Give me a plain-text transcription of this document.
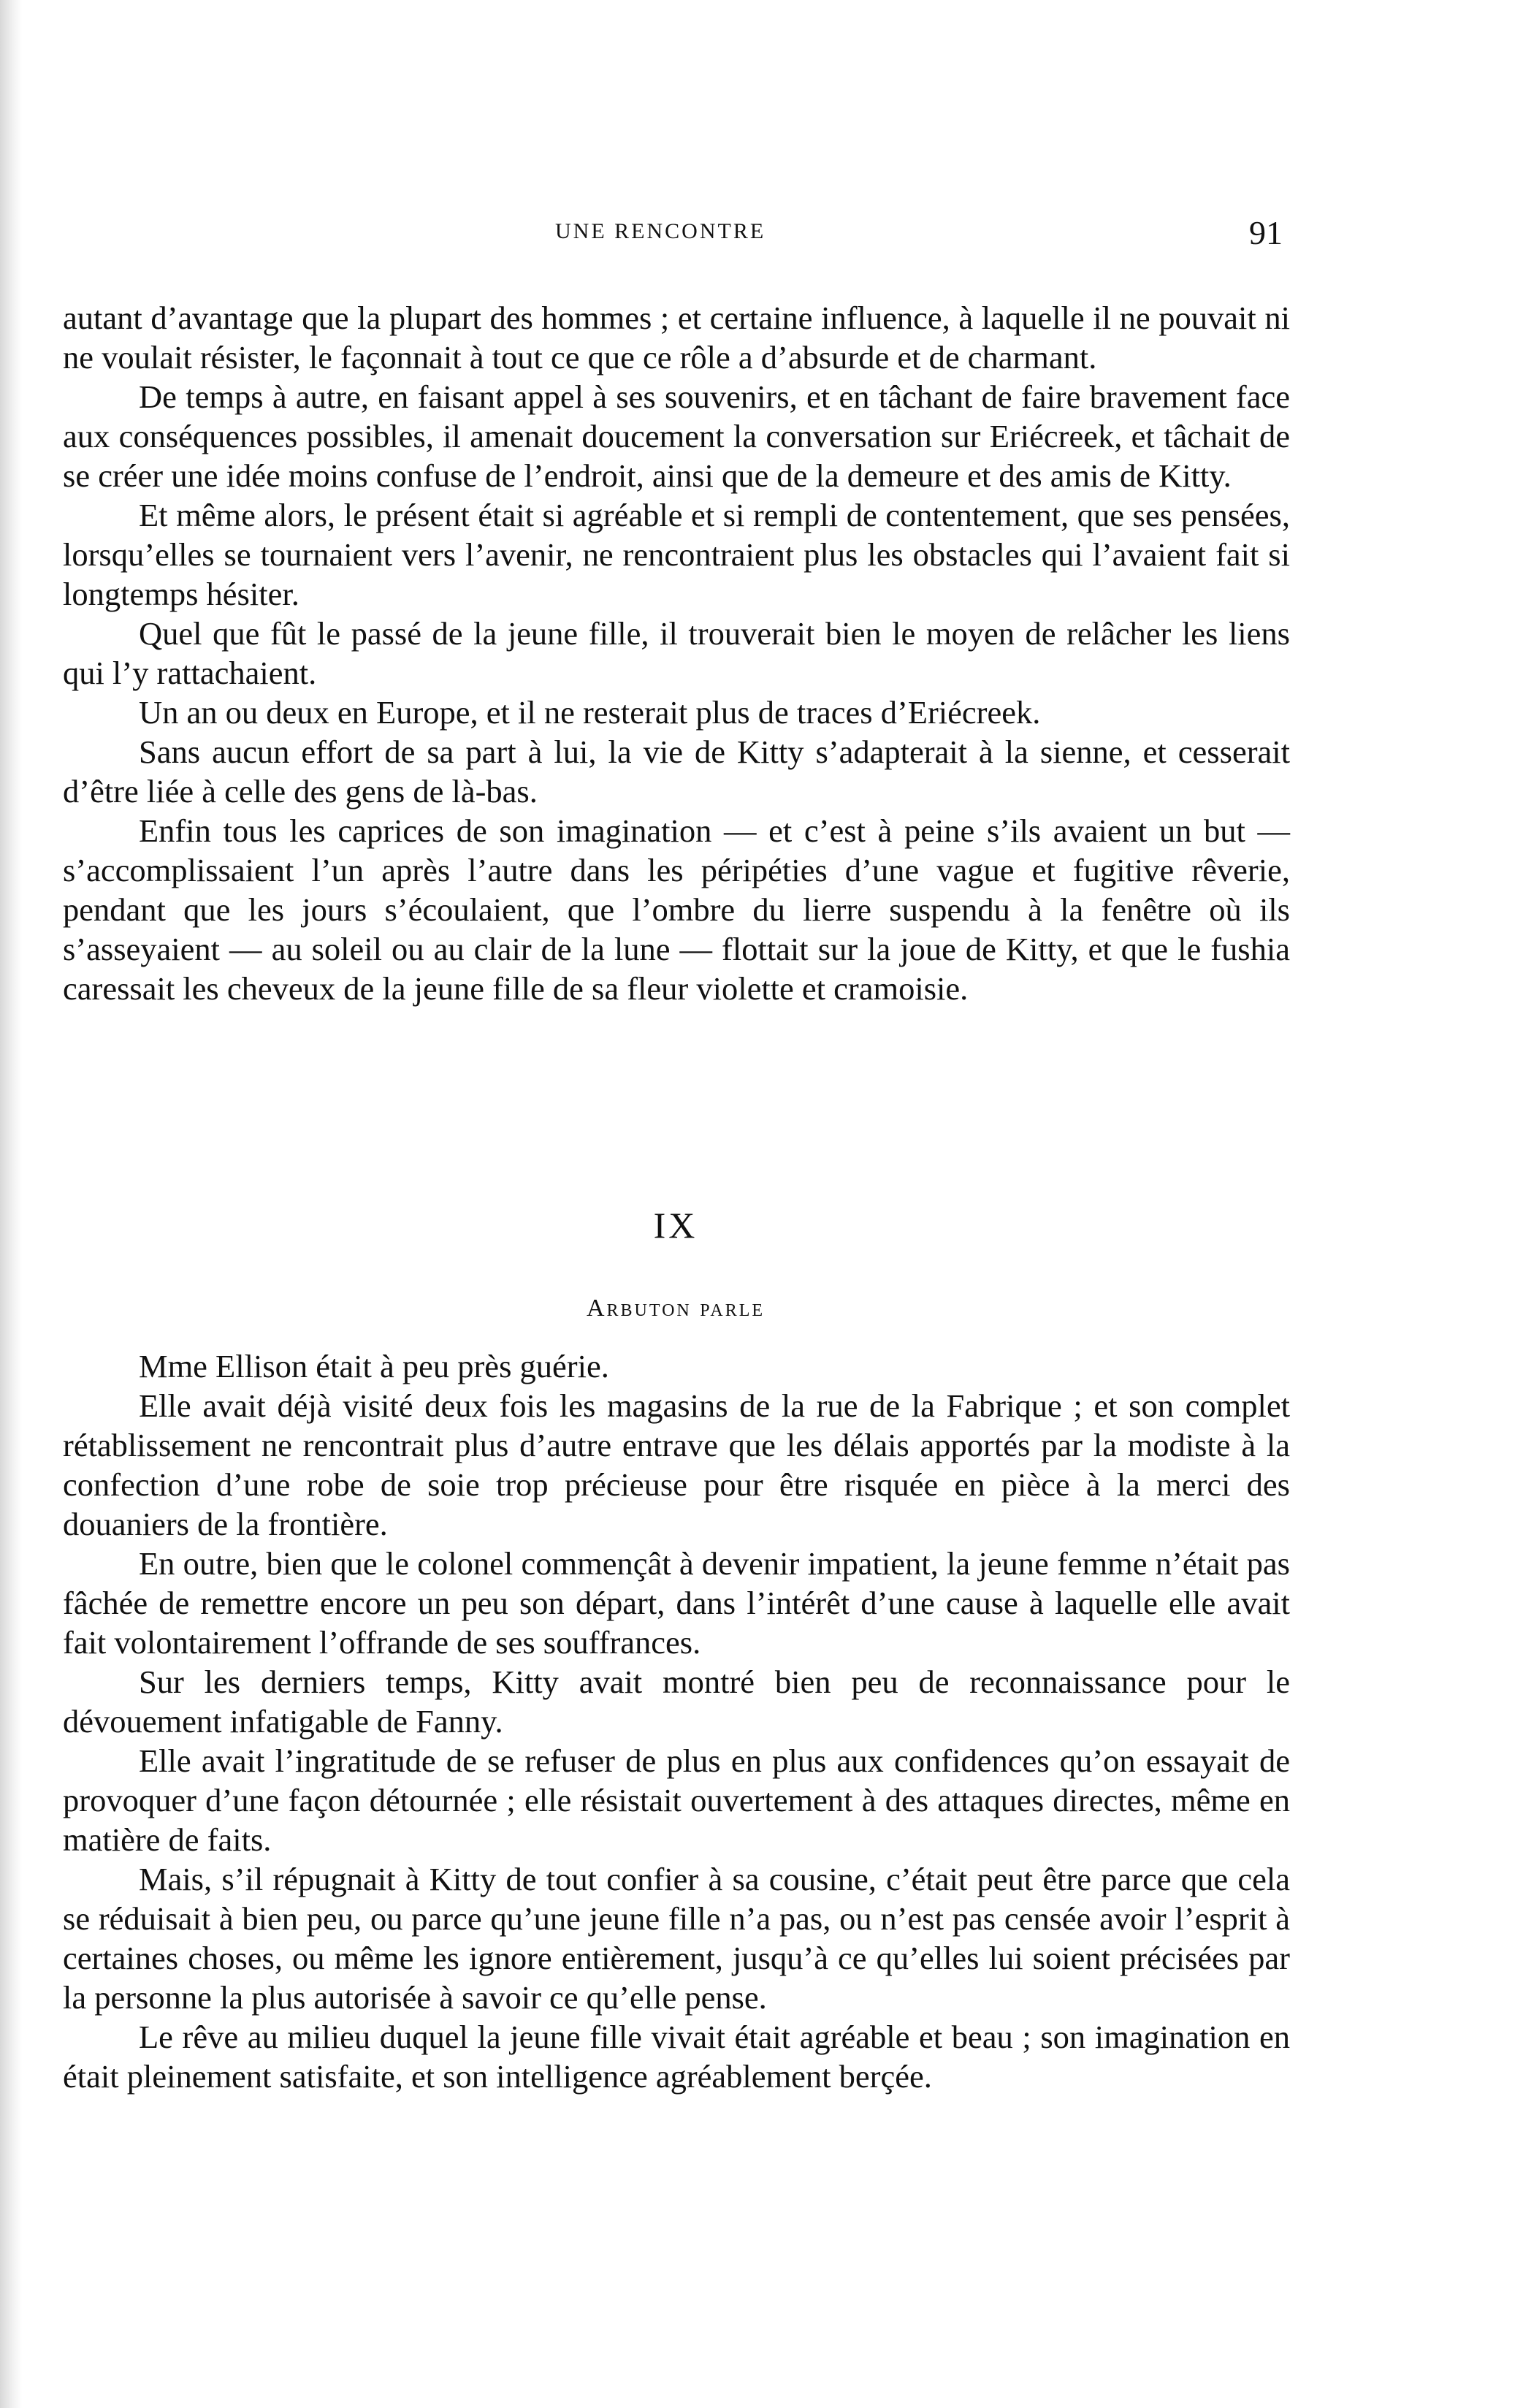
UNE RENCONTRE	91

autant d’avantage que la plupart des hommes ; et certaine influence, à laquelle il ne pouvait ni ne voulait résister, le façonnait à tout ce que ce rôle a d’absurde et de charmant.

De temps à autre, en faisant appel à ses souvenirs, et en tâchant de faire bravement face aux conséquences possibles, il amenait doucement la conversation sur Eriécreek, et tâchait de se créer une idée moins confuse de l’endroit, ainsi que de la demeure et des amis de Kitty.

Et même alors, le présent était si agréable et si rempli de contentement, que ses pensées, lorsqu’elles se tournaient vers l’avenir, ne rencontraient plus les obstacles qui l’avaient fait si longtemps hésiter.

Quel que fût le passé de la jeune fille, il trouverait bien le moyen de relâcher les liens qui l’y rattachaient.

Un an ou deux en Europe, et il ne resterait plus de traces d’Eriécreek.

Sans aucun effort de sa part à lui, la vie de Kitty s’adapterait à la sienne, et cesserait d’être liée à celle des gens de là-bas.

Enfin tous les caprices de son imagination — et c’est à peine s’ils avaient un but — s’accomplissaient l’un après l’autre dans les péripéties d’une vague et fugitive rêverie, pendant que les jours s’écoulaient, que l’ombre du lierre suspendu à la fenêtre où ils s’asseyaient — au soleil ou au clair de la lune — flottait sur la joue de Kitty, et que le fushia caressait les cheveux de la jeune fille de sa fleur violette et cramoisie.

IX
Arbuton parle

Mme Ellison était à peu près guérie.

Elle avait déjà visité deux fois les magasins de la rue de la Fabrique ; et son complet rétablissement ne rencontrait plus d’autre entrave que les délais apportés par la modiste à la confection d’une robe de soie trop précieuse pour être risquée en pièce à la merci des douaniers de la frontière.

En outre, bien que le colonel commençât à devenir impatient, la jeune femme n’était pas fâchée de remettre encore un peu son départ, dans l’intérêt d’une cause à laquelle elle avait fait volontairement l’offrande de ses souffrances.

Sur les derniers temps, Kitty avait montré bien peu de reconnaissance pour le dévouement infatigable de Fanny.

Elle avait l’ingratitude de se refuser de plus en plus aux confidences qu’on essayait de provoquer d’une façon détournée ; elle résistait ouvertement à des attaques directes, même en matière de faits.

Mais, s’il répugnait à Kitty de tout confier à sa cousine, c’était peut être parce que cela se réduisait à bien peu, ou parce qu’une jeune fille n’a pas, ou n’est pas censée avoir l’esprit à certaines choses, ou même les ignore entièrement, jusqu’à ce qu’elles lui soient précisées par la personne la plus autorisée à savoir ce qu’elle pense.

Le rêve au milieu duquel la jeune fille vivait était agréable et beau ; son imagination en était pleinement satisfaite, et son intelligence agréablement berçée.
